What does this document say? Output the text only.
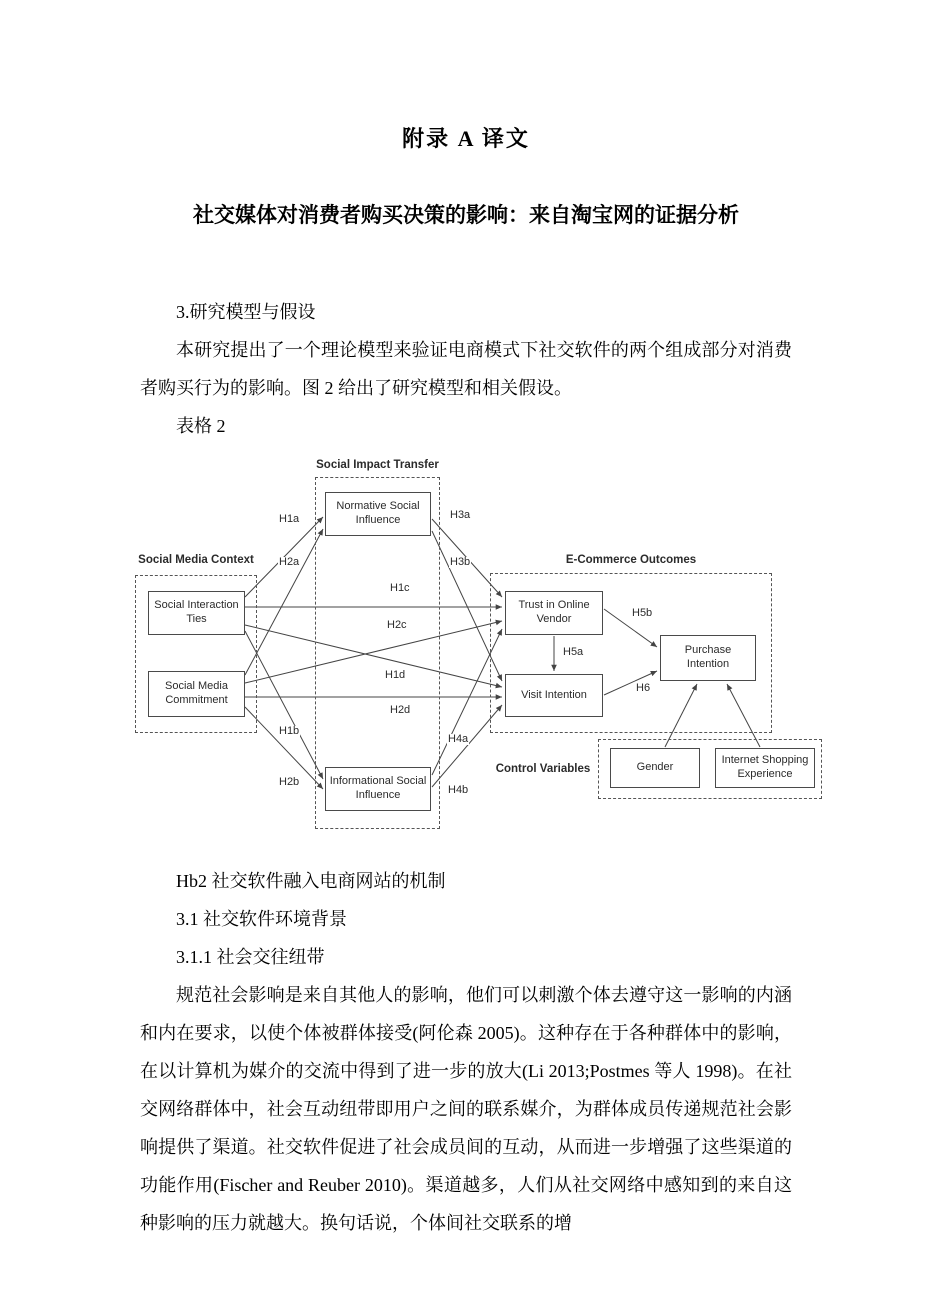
附录 A 译文
社交媒体对消费者购买决策的影响：来自淘宝网的证据分析

3.研究模型与假设

本研究提出了一个理论模型来验证电商模式下社交软件的两个组成部分对消费者购买行为的影响。图 2 给出了研究模型和相关假设。

表格 2

Social Impact Transfer
Social Media Context	E-Commerce Outcomes
Control Variables
Normative Social Influence
Informational Social Influence
Social Interaction Ties
Social Media Commitment
Trust in Online Vendor
Visit Intention
Purchase Intention
Gender
Internet Shopping Experience
H1a
H2a
H1c
H2c
H1d
H2d
H1b
H2b
H3a
H3b
H4a
H4b
H5a
H5b
H6

Hb2 社交软件融入电商网站的机制

3.1 社交软件环境背景

3.1.1 社会交往纽带

规范社会影响是来自其他人的影响，他们可以刺激个体去遵守这一影响的内涵和内在要求，以使个体被群体接受(阿伦森 2005)。这种存在于各种群体中的影响，在以计算机为媒介的交流中得到了进一步的放大(Li 2013;Postmes 等人 1998)。在社交网络群体中，社会互动纽带即用户之间的联系媒介，为群体成员传递规范社会影响提供了渠道。社交软件促进了社会成员间的互动，从而进一步增强了这些渠道的功能作用(Fischer and Reuber 2010)。渠道越多，人们从社交网络中感知到的来自这种影响的压力就越大。换句话说，个体间社交联系的增
